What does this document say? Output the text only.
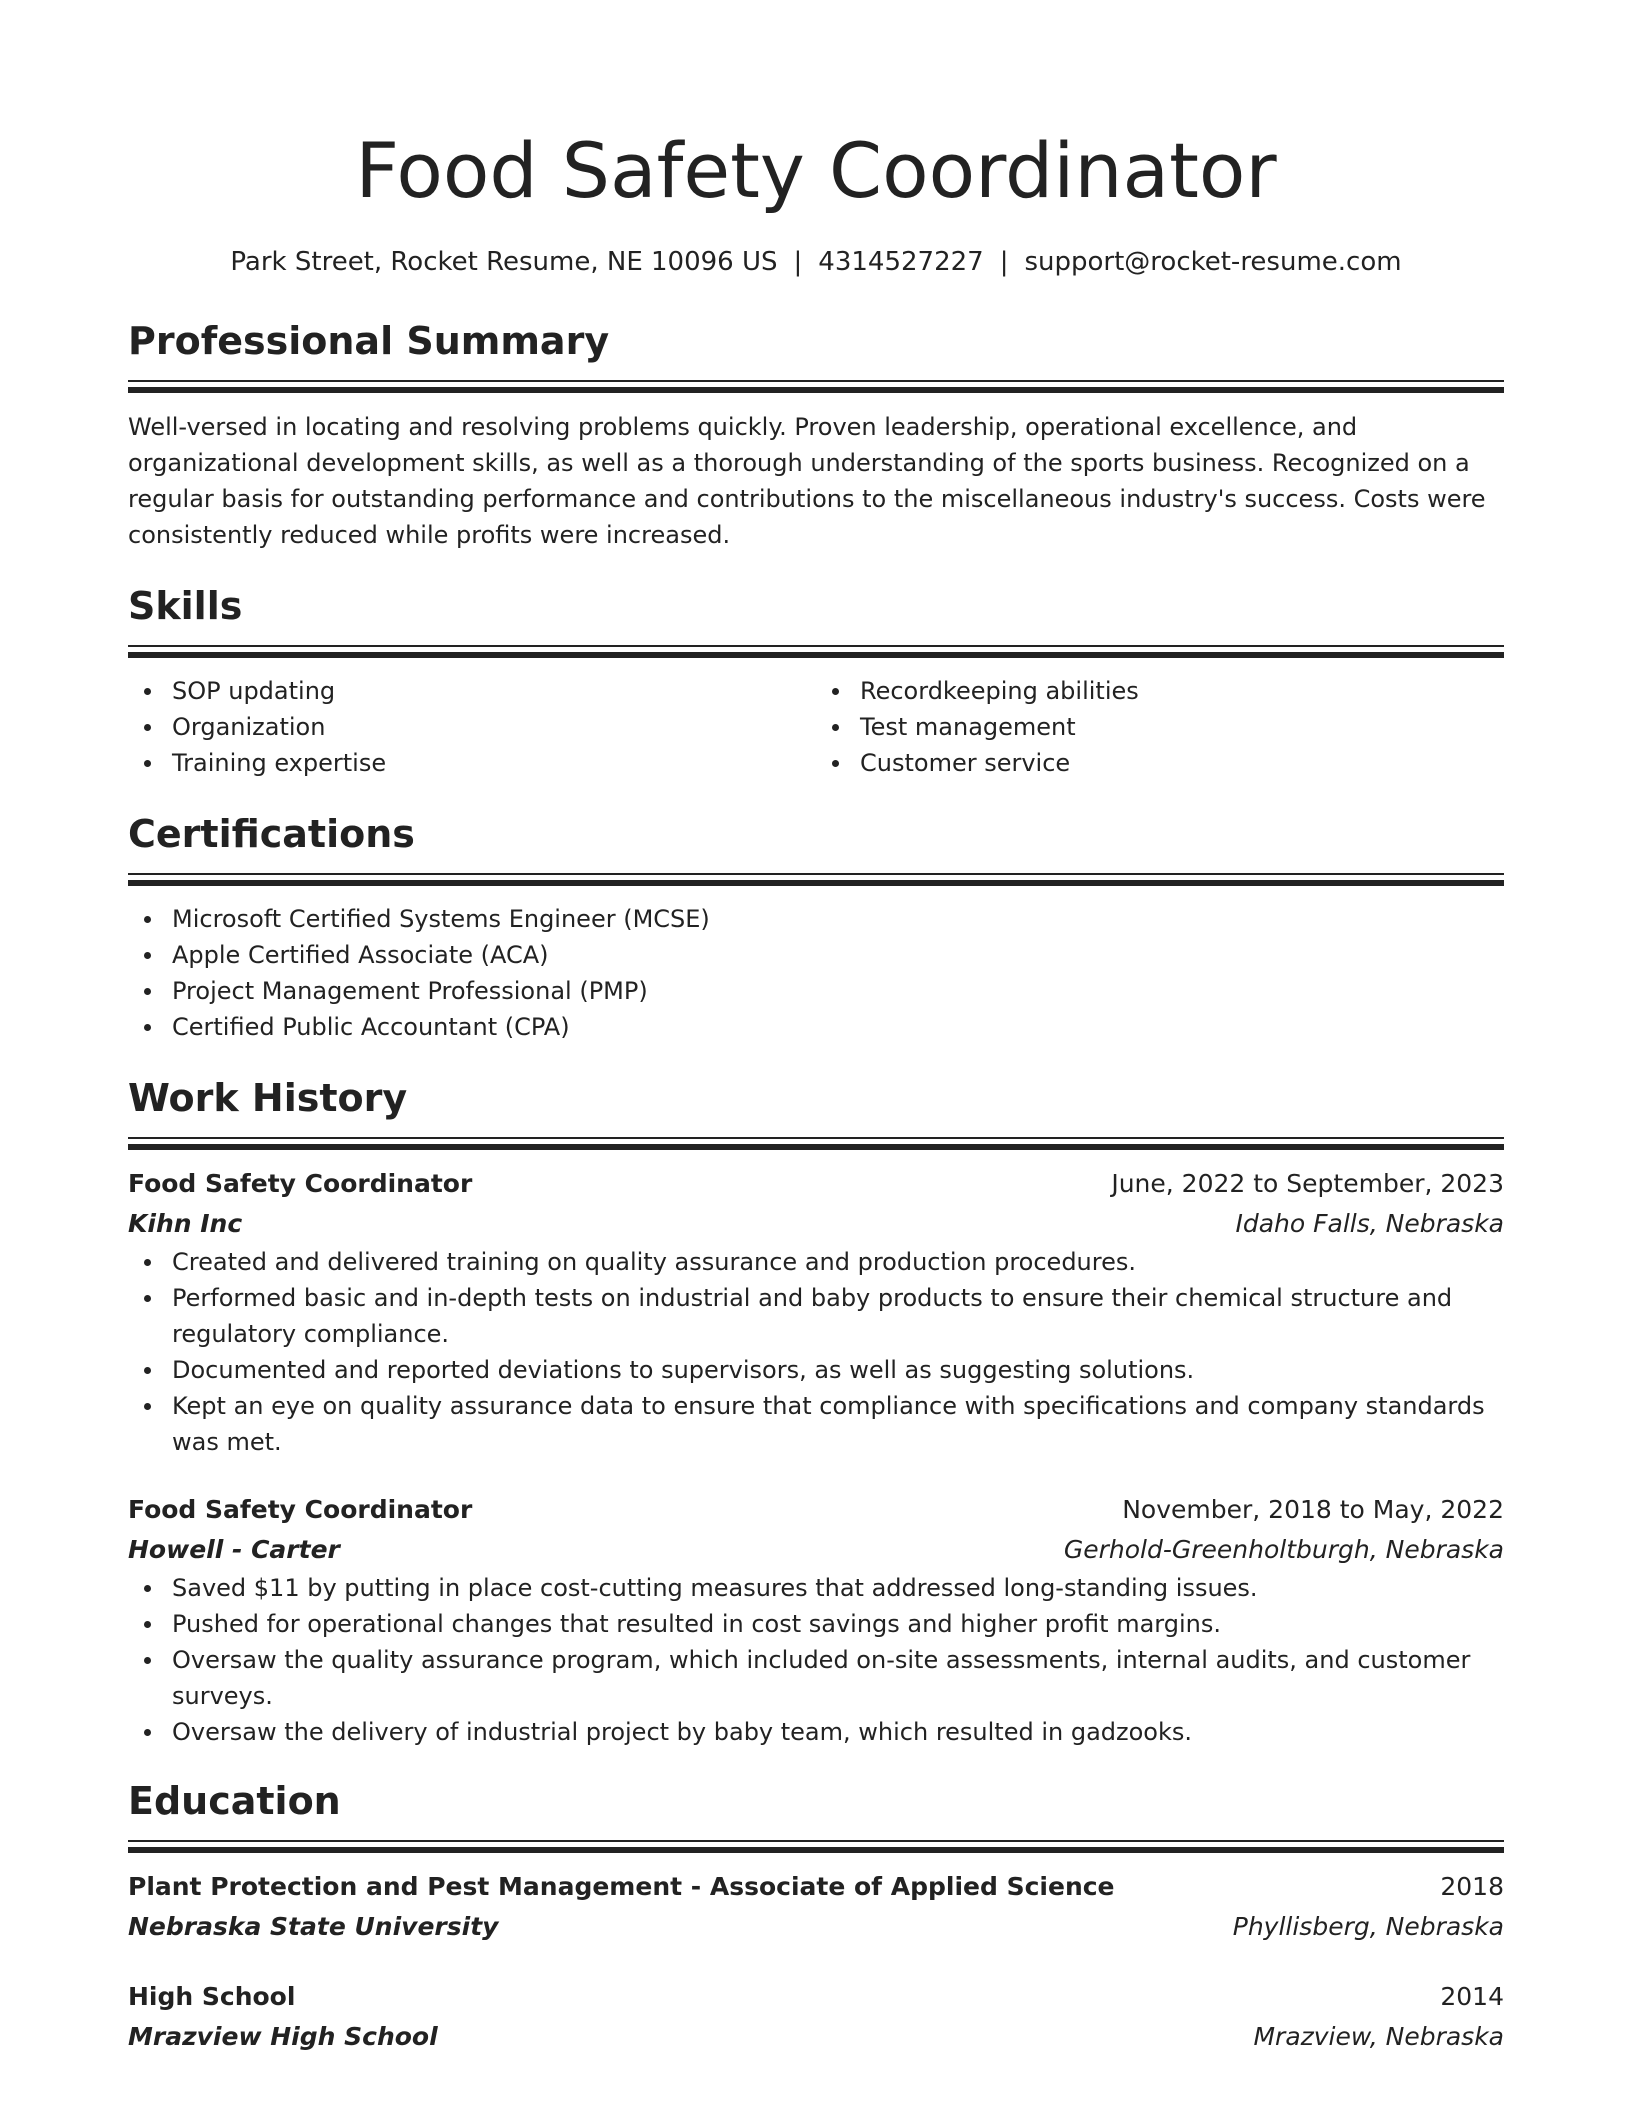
Food Safety Coordinator
Park Street, Rocket Resume, NE 10096 US | 4314527227 | support@rocket-resume.com
Professional Summary

Well-versed in locating and resolving problems quickly. Proven leadership, operational excellence, and organizational development skills, as well as a thorough understanding of the sports business. Recognized on a regular basis for outstanding performance and contributions to the miscellaneous industry's success. Costs were consistently reduced while profits were increased.

Skills
SOP updating
Organization
Training expertise
Recordkeeping abilities
Test management
Customer service
Certifications
Microsoft Certified Systems Engineer (MCSE)
Apple Certified Associate (ACA)
Project Management Professional (PMP)
Certified Public Accountant (CPA)
Work History
Food Safety Coordinator	June, 2022 to September, 2023
Kihn Inc	Idaho Falls, Nebraska
Created and delivered training on quality assurance and production procedures.
Performed basic and in-depth tests on industrial and baby products to ensure their chemical structure and regulatory compliance.
Documented and reported deviations to supervisors, as well as suggesting solutions.
Kept an eye on quality assurance data to ensure that compliance with specifications and company standards was met.
Food Safety Coordinator	November, 2018 to May, 2022
Howell - Carter	Gerhold-Greenholtburgh, Nebraska
Saved $11 by putting in place cost-cutting measures that addressed long-standing issues.
Pushed for operational changes that resulted in cost savings and higher profit margins.
Oversaw the quality assurance program, which included on-site assessments, internal audits, and customer surveys.
Oversaw the delivery of industrial project by baby team, which resulted in gadzooks.
Education
Plant Protection and Pest Management - Associate of Applied Science	2018
Nebraska State University	Phyllisberg, Nebraska
High School	2014
Mrazview High School	Mrazview, Nebraska
